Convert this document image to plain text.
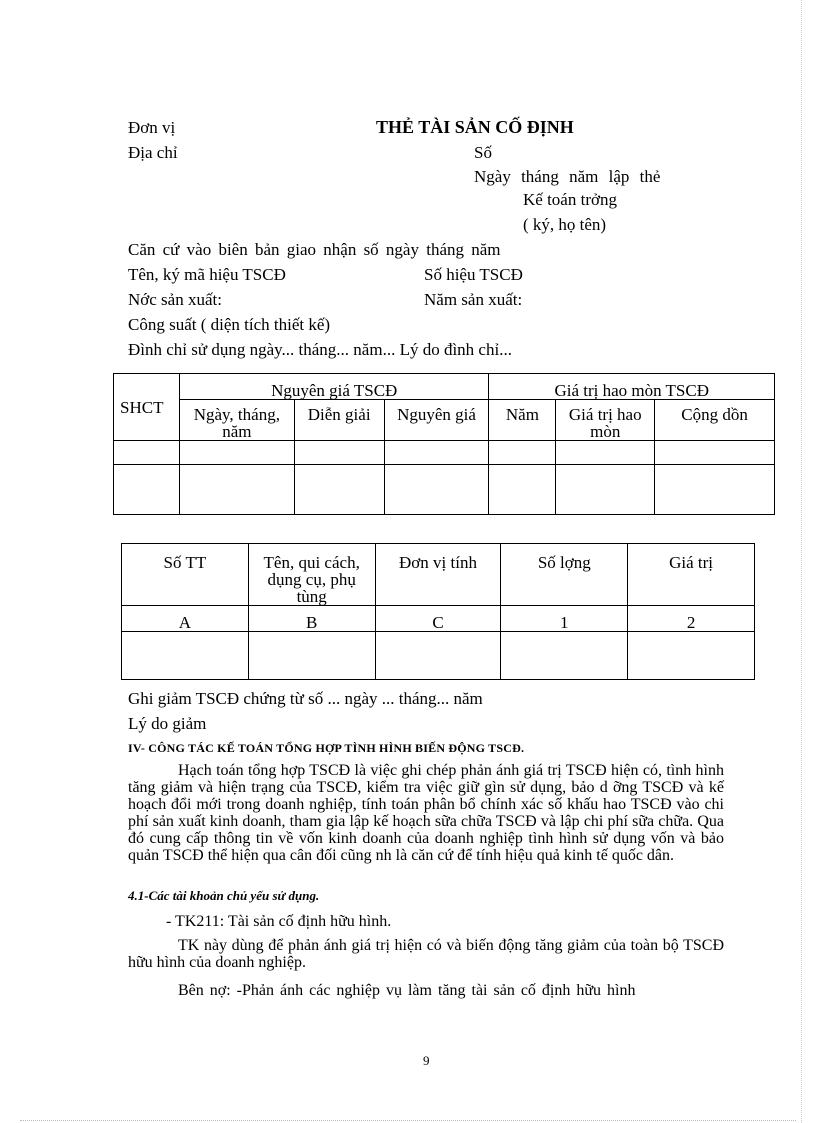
Đơn vị	THẺ TÀI SẢN CỐ ĐỊNH
Địa chỉ	Số
Ngày tháng năm lập thẻ
Kế toán trởng
( ký, họ tên)
Căn cứ vào biên bản giao nhận số ngày tháng năm
Tên, ký mã hiệu TSCĐ	Số hiệu TSCĐ
Nớc sản xuất:	Năm sản xuất:
Công suất ( diện tích thiết kế)
Đình chỉ sử dụng ngày... tháng... năm... Lý do đình chỉ...
SHCT	Nguyên giá TSCĐ			Giá trị hao mòn TSCĐ		
	Ngày, tháng, năm	Diễn giải	Nguyên giá	Năm	Giá trị hao mòn	Cộng dồn

Số TT	Tên, qui cách, dụng cụ, phụ tùng	Đơn vị tính	Số lợng	Giá trị
A	B	C	1	2

Ghi giảm TSCĐ chứng từ số ... ngày ... tháng... năm
Lý do giảm
IV- CÔNG TÁC KẾ TOÁN TỔNG HỢP TÌNH HÌNH BIẾN ĐỘNG TSCĐ.
Hạch toán tổng hợp TSCĐ là việc ghi chép phản ánh giá trị TSCĐ hiện có, tình hình tăng giảm và hiện trạng của TSCĐ, kiểm tra việc giữ gìn sử dụng, bảo d ỡng TSCĐ và kế hoạch đổi mới trong doanh nghiệp, tính toán phân bổ chính xác số khấu hao TSCĐ vào chi phí sản xuất kinh doanh, tham gia lập kế hoạch sữa chữa TSCĐ và lập chi phí sữa chữa. Qua đó cung cấp thông tin về vốn kinh doanh của doanh nghiệp tình hình sử dụng vốn và bảo quản TSCĐ thể hiện qua cân đối cũng nh là căn cứ để tính hiệu quả kinh tế quốc dân.
4.1-Các tài khoản chủ yếu sử dụng.
- TK211: Tài sản cố định hữu hình.
TK này dùng để phản ánh giá trị hiện có và biến động tăng giảm của toàn bộ TSCĐ hữu hình của doanh nghiệp.
Bên nợ: -Phản ánh các nghiệp vụ làm tăng tài sản cố định hữu hình
9
